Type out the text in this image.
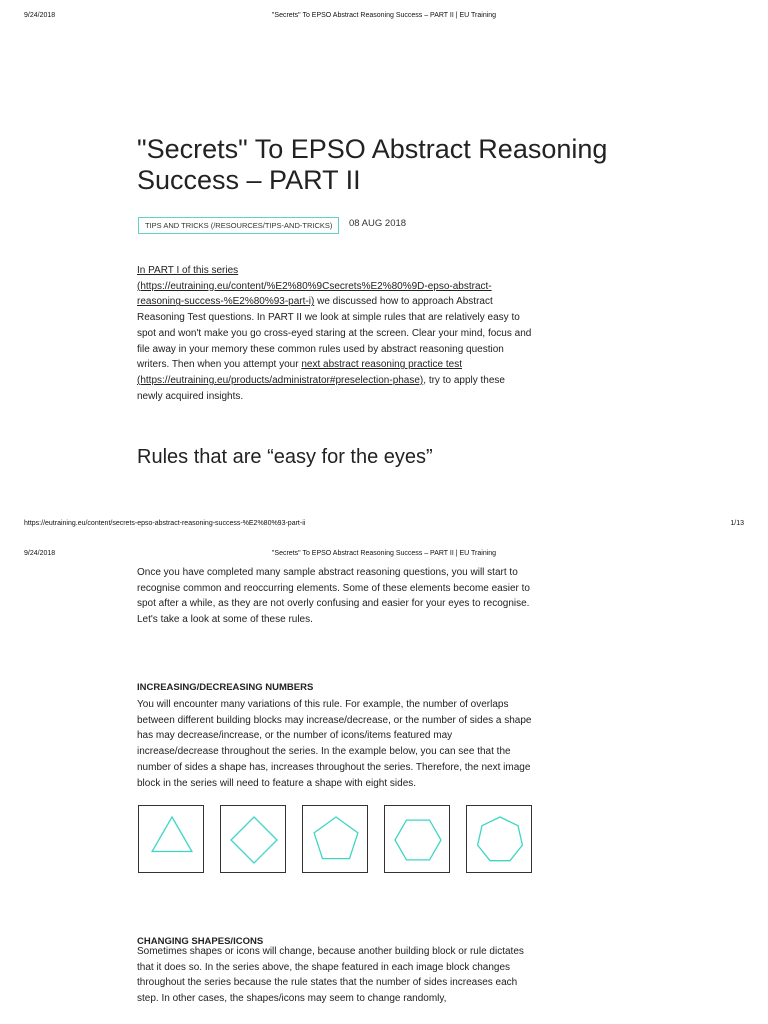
9/24/2018	"Secrets" To EPSO Abstract Reasoning Success – PART II | EU Training
"Secrets" To EPSO Abstract Reasoning Success – PART II
TIPS AND TRICKS (/RESOURCES/TIPS-AND-TRICKS)	08 AUG 2018

In PART I of this series
(https://eutraining.eu/content/%E2%80%9Csecrets%E2%80%9D-epso-abstract-reasoning-success-%E2%80%93-part-i) we discussed how to approach Abstract Reasoning Test questions. In PART II we look at simple rules that are relatively easy to spot and won't make you go cross-eyed staring at the screen. Clear your mind, focus and file away in your memory these common rules used by abstract reasoning question writers. Then when you attempt your next abstract reasoning practice test (https://eutraining.eu/products/administrator#preselection-phase), try to apply these newly acquired insights.

Rules that are “easy for the eyes”
https://eutraining.eu/content/secrets-epso-abstract-reasoning-success-%E2%80%93-part-ii	1/13
9/24/2018	"Secrets" To EPSO Abstract Reasoning Success – PART II | EU Training

Once you have completed many sample abstract reasoning questions, you will start to recognise common and reoccurring elements. Some of these elements become easier to spot after a while, as they are not overly confusing and easier for your eyes to recognise. Let's take a look at some of these rules.

INCREASING/DECREASING NUMBERS

You will encounter many variations of this rule. For example, the number of overlaps between different building blocks may increase/decrease, or the number of sides a shape has may decrease/increase, or the number of icons/items featured may increase/decrease throughout the series. In the example below, you can see that the number of sides a shape has, increases throughout the series. Therefore, the next image block in the series will need to feature a shape with eight sides.

CHANGING SHAPES/ICONS

Sometimes shapes or icons will change, because another building block or rule dictates that it does so. In the series above, the shape featured in each image block changes throughout the series because the rule states that the number of sides increases each step. In other cases, the shapes/icons may seem to change randomly,
